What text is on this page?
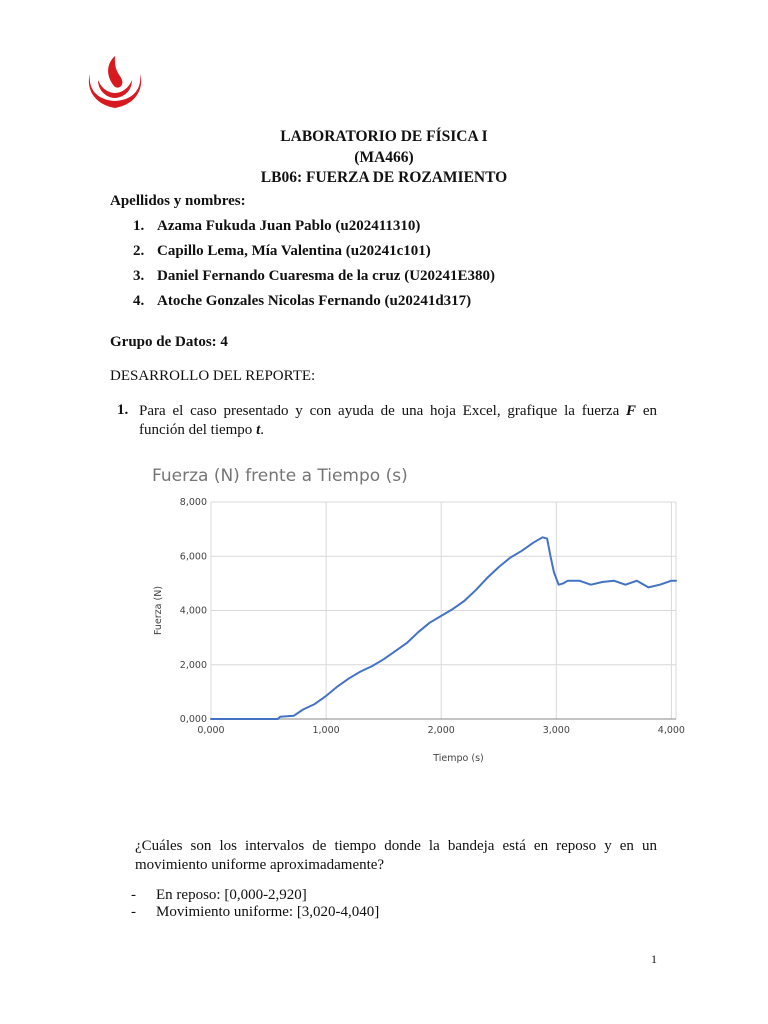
LABORATORIO DE FÍSICA I
(MA466)
LB06: FUERZA DE ROZAMIENTO
Apellidos y nombres:
1. Azama Fukuda Juan Pablo (u202411310)
2. Capillo Lema, Mía Valentina (u20241c101)
3. Daniel Fernando Cuaresma de la cruz (U20241E380)
4. Atoche Gonzales Nicolas Fernando (u20241d317)
Grupo de Datos: 4
DESARROLLO DEL REPORTE:
1. Para el caso presentado y con ayuda de una hoja Excel, grafique la fuerza F en
función del tiempo t.
Fuerza (N) frente a Tiempo (s)
0,000
2,000
4,000
6,000
8,000
0,000	1,000	2,000	3,000	4,000
Tiempo (s)
Fuerza (N)
¿Cuáles son los intervalos de tiempo donde la bandeja está en reposo y en un
movimiento uniforme aproximadamente?
- En reposo: [0,000-2,920]
- Movimiento uniforme: [3,020-4,040]
1
